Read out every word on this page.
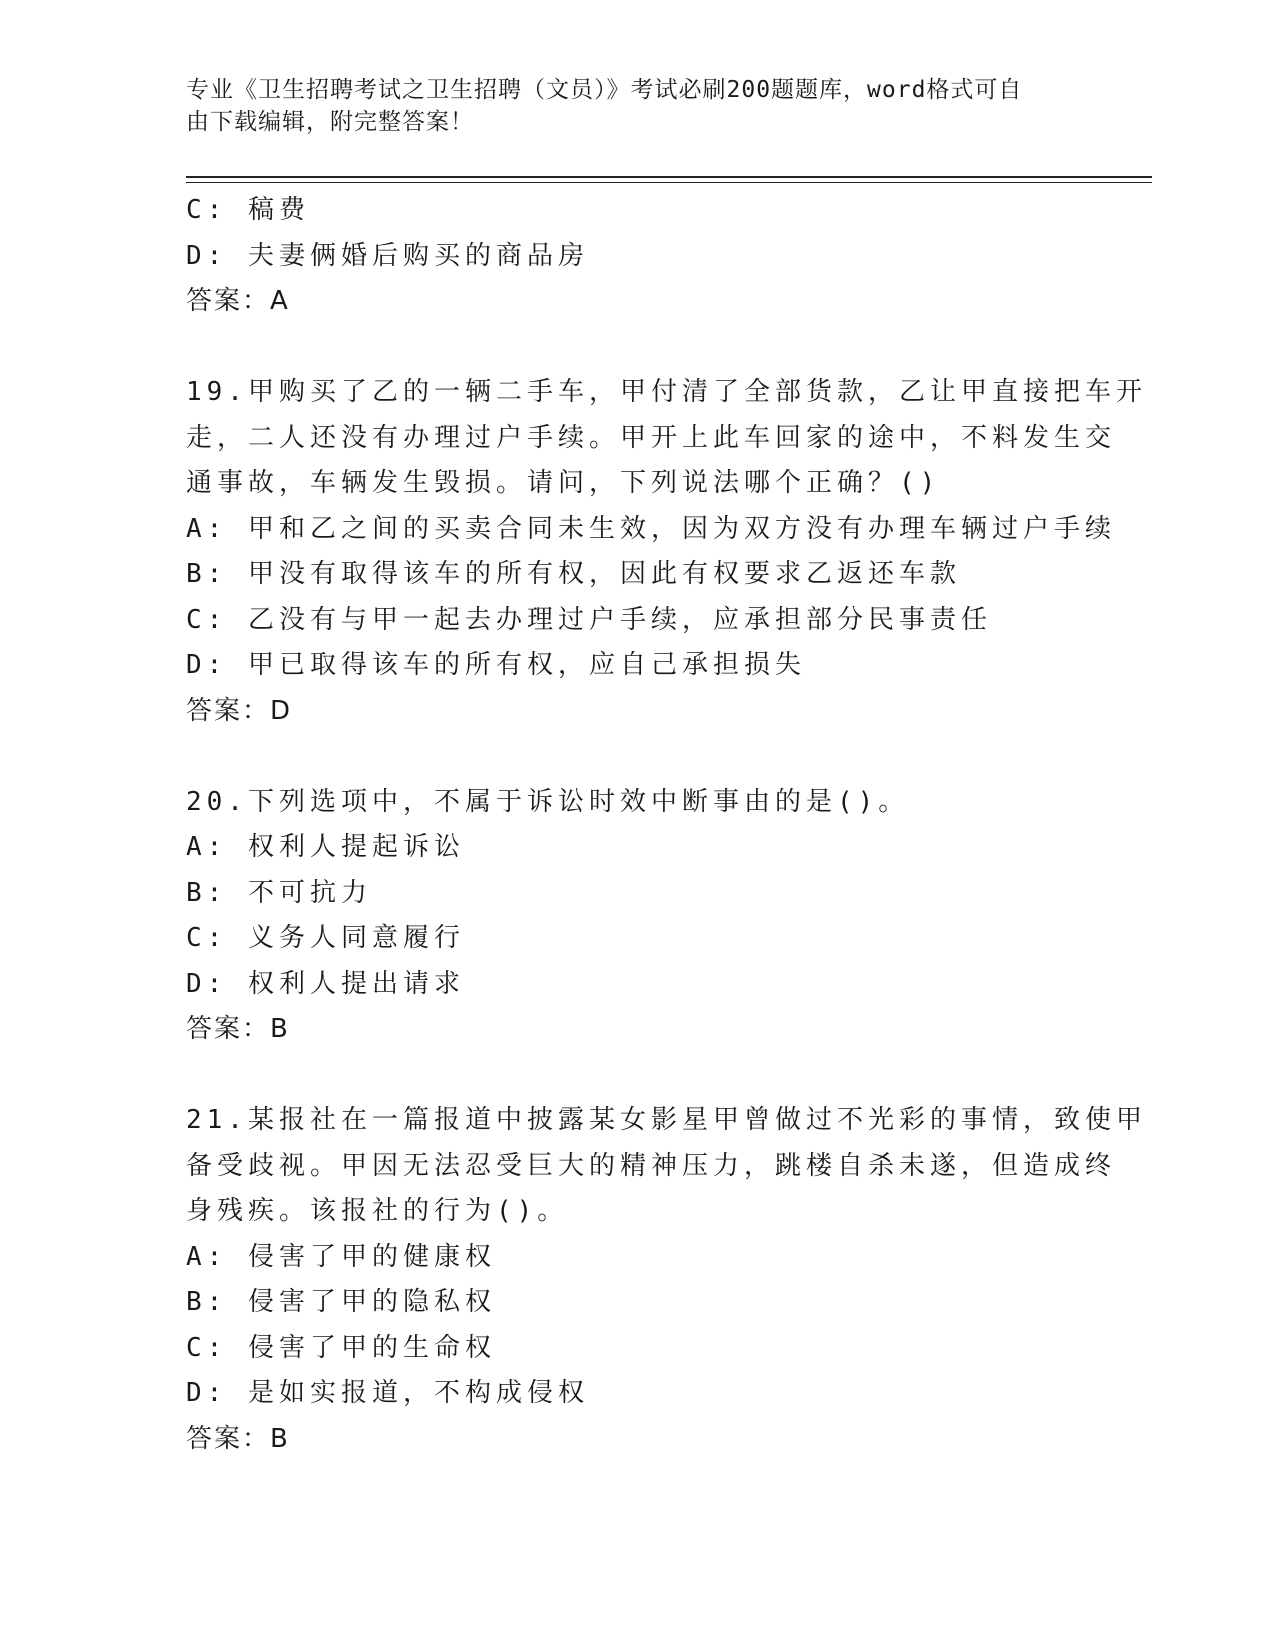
专业《卫生招聘考试之卫生招聘（文员）》考试必刷200题题库，word格式可自
由下载编辑，附完整答案！
C: 稿费
D: 夫妻俩婚后购买的商品房
答案：A
19.甲购买了乙的一辆二手车，甲付清了全部货款，乙让甲直接把车开
走，二人还没有办理过户手续。甲开上此车回家的途中，不料发生交
通事故，车辆发生毁损。请问，下列说法哪个正确？()
A: 甲和乙之间的买卖合同未生效，因为双方没有办理车辆过户手续
B: 甲没有取得该车的所有权，因此有权要求乙返还车款
C: 乙没有与甲一起去办理过户手续，应承担部分民事责任
D: 甲已取得该车的所有权，应自己承担损失
答案：D
20.下列选项中，不属于诉讼时效中断事由的是()。
A: 权利人提起诉讼
B: 不可抗力
C: 义务人同意履行
D: 权利人提出请求
答案：B
21.某报社在一篇报道中披露某女影星甲曾做过不光彩的事情，致使甲
备受歧视。甲因无法忍受巨大的精神压力，跳楼自杀未遂，但造成终
身残疾。该报社的行为()。
A: 侵害了甲的健康权
B: 侵害了甲的隐私权
C: 侵害了甲的生命权
D: 是如实报道，不构成侵权
答案：B
